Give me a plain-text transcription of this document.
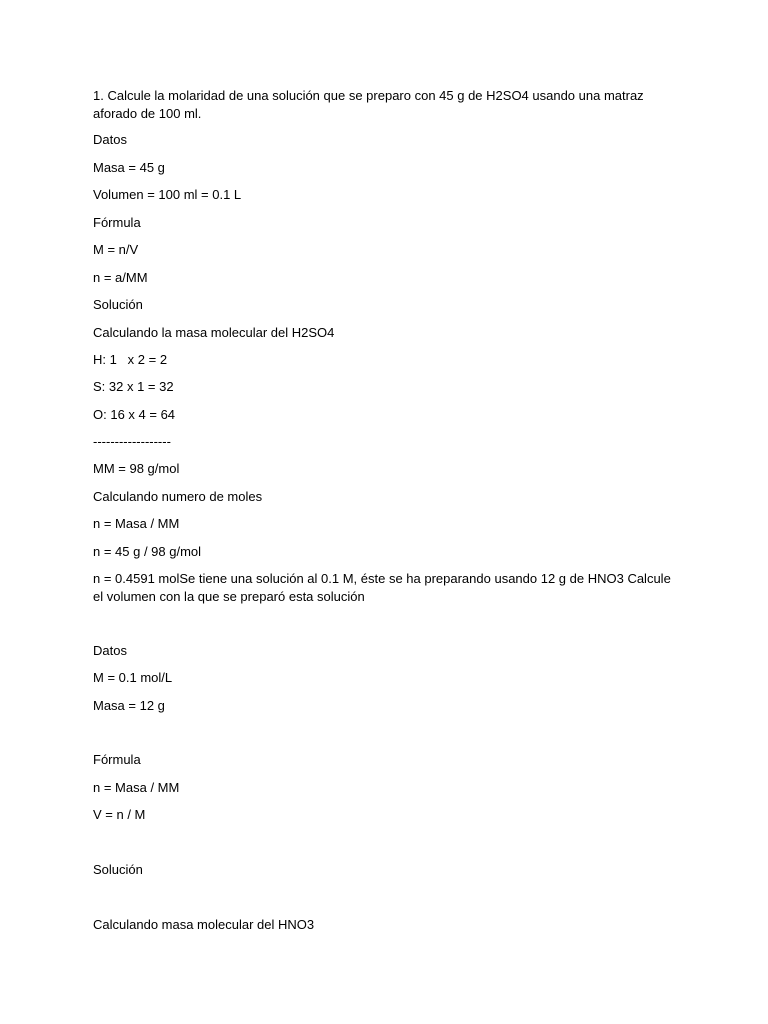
1. Calcule la molaridad de una solución que se preparo con 45 g de H2SO4 usando una matraz aforado de 100 ml.
Datos
Masa = 45 g
Volumen = 100 ml = 0.1 L
Fórmula
M = n/V
n = a/MM
Solución
Calculando la masa molecular del H2SO4
H: 1   x 2 = 2
S: 32 x 1 = 32
O: 16 x 4 = 64
------------------
MM = 98 g/mol
Calculando numero de moles
n = Masa / MM
n = 45 g / 98 g/mol
n = 0.4591 molSe tiene una solución al 0.1 M, éste se ha preparando usando 12 g de HNO3 Calcule el volumen con la que se preparó esta solución
Datos
M = 0.1 mol/L
Masa = 12 g
Fórmula
n = Masa / MM
V = n / M
Solución
Calculando masa molecular del HNO3
